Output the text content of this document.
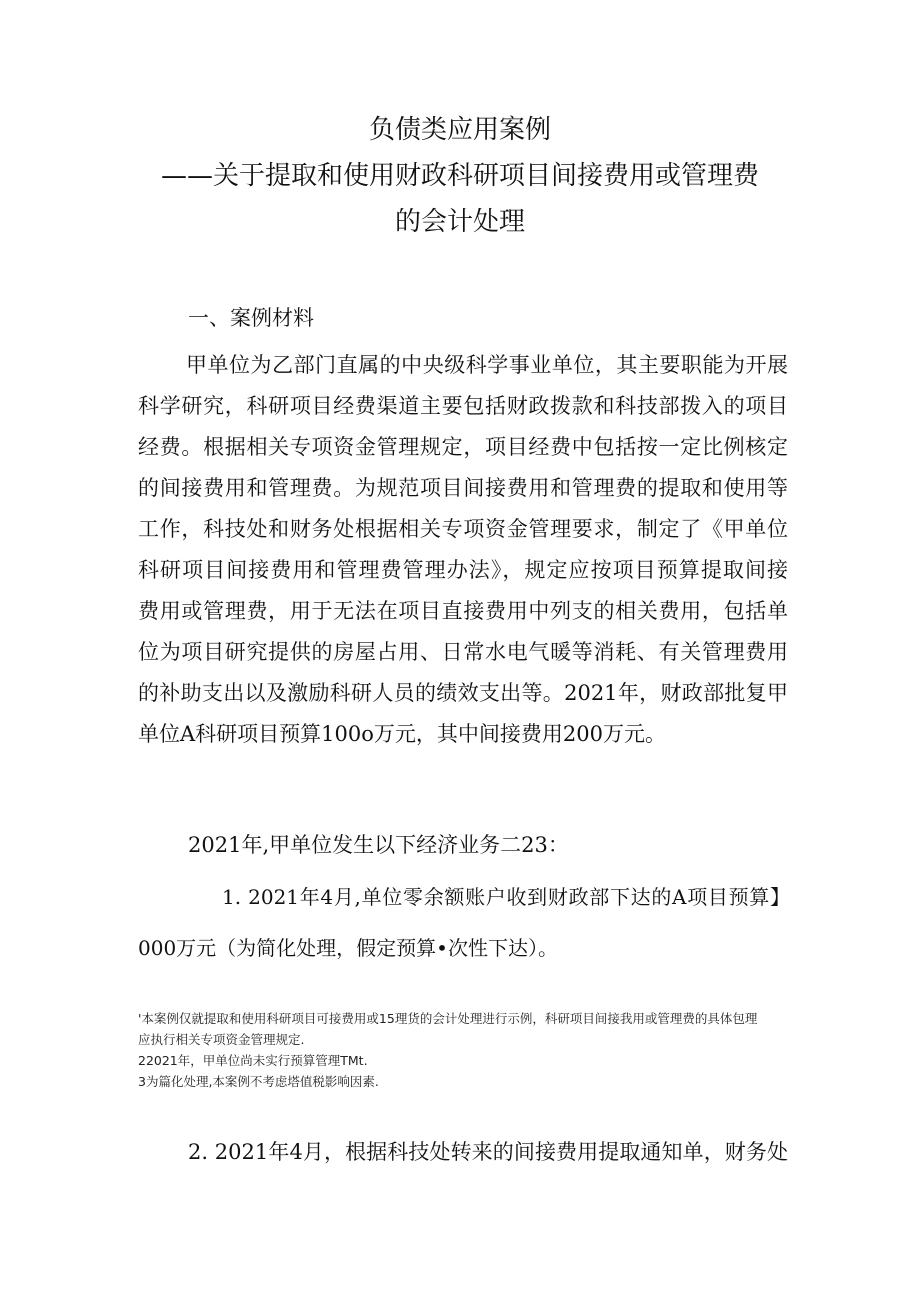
负债类应用案例
——关于提取和使用财政科研项目间接费用或管理费
的会计处理
一、案例材料
甲单位为乙部门直属的中央级科学事业单位，其主要职能为开展
科学研究，科研项目经费渠道主要包括财政拨款和科技部拨入的项目
经费。根据相关专项资金管理规定，项目经费中包括按一定比例核定
的间接费用和管理费。为规范项目间接费用和管理费的提取和使用等
工作，科技处和财务处根据相关专项资金管理要求，制定了《甲单位
科研项目间接费用和管理费管理办法》，规定应按项目预算提取间接
费用或管理费，用于无法在项目直接费用中列支的相关费用，包括单
位为项目研究提供的房屋占用、日常水电气暖等消耗、有关管理费用
的补助支出以及激励科研人员的绩效支出等。2021年，财政部批复甲
单位A科研项目预算100o万元，其中间接费用200万元。
2021年,甲单位发生以下经济业务二23：
1. 2021年4月,单位零余额账户收到财政部下达的A项目预算】
000万元（为简化处理，假定预算•次性下达）。
'本案例仅就提取和使用科研项目可接费用或15理货的会计处理进行示例，科研项目间接我用或管理费的具体包理
应执行相关专项资金管理规定.
22021年，甲单位尚未实行预算管理TMt.
3为篇化处理,本案例不考虑塔值税影响因素.
2. 2021年4月，根据科技处转来的间接费用提取通知单，财务处
